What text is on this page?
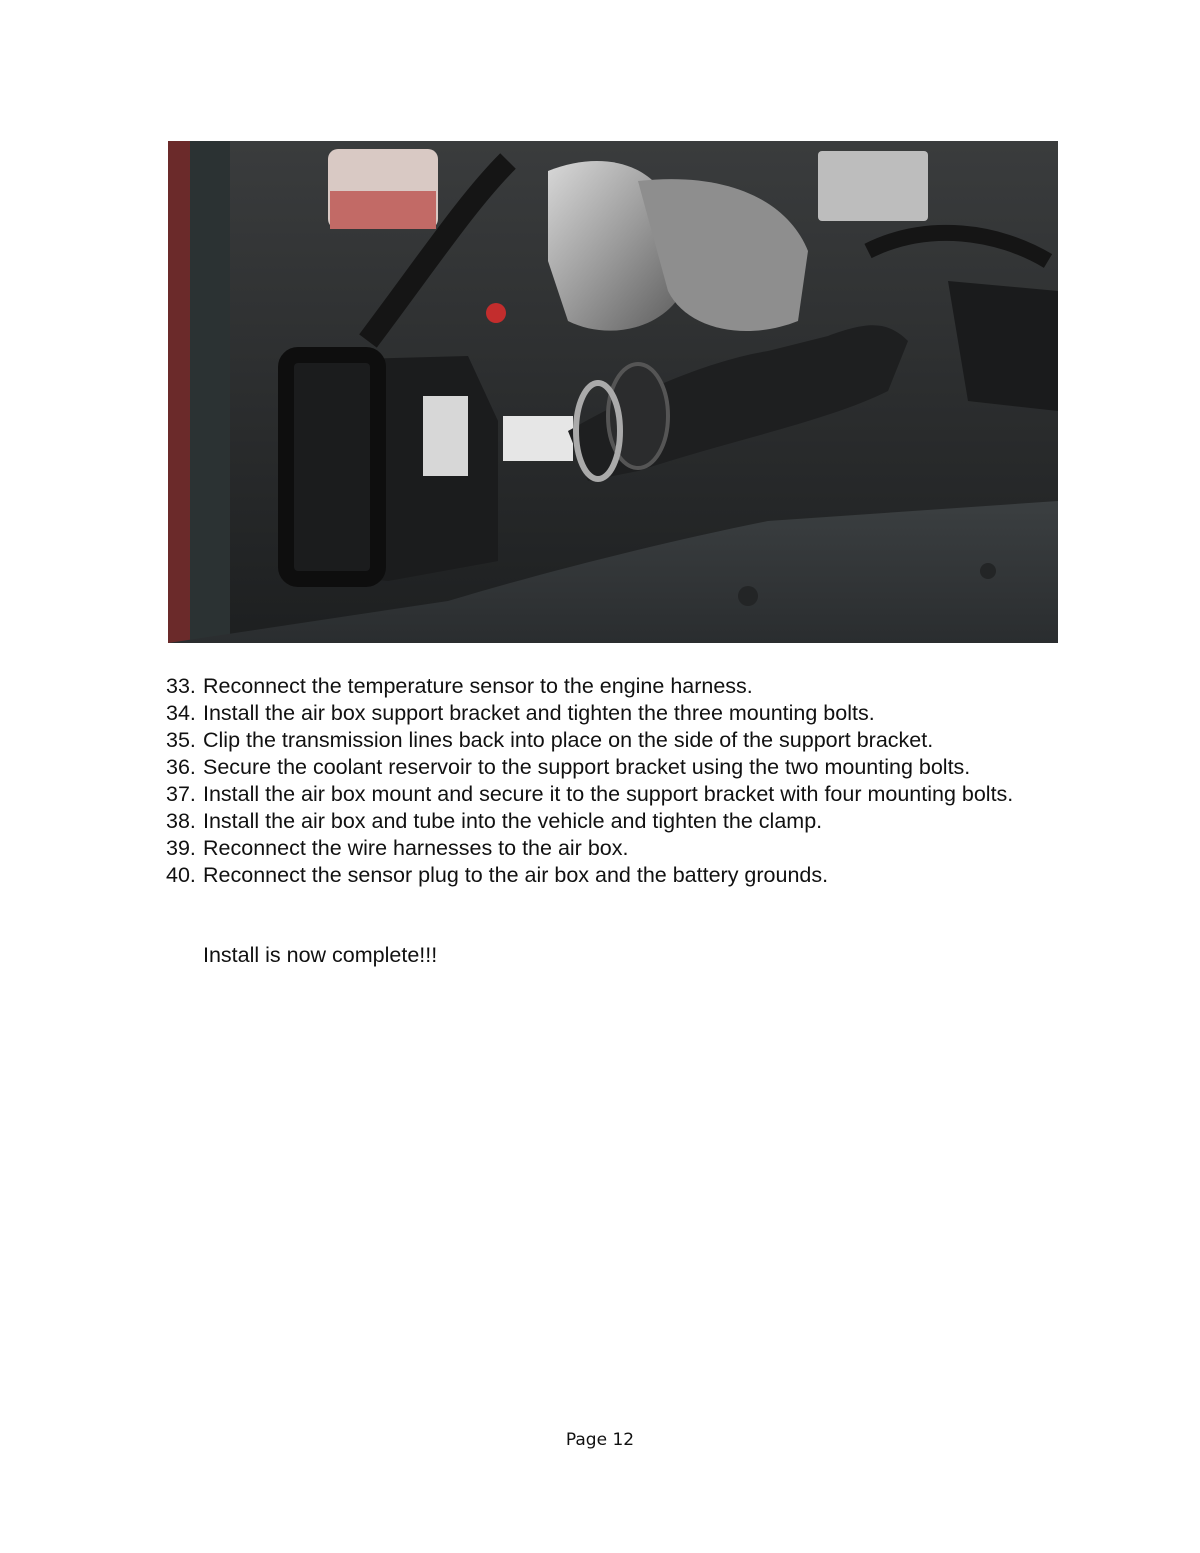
33. Reconnect the temperature sensor to the engine harness.
34. Install the air box support bracket and tighten the three mounting bolts.
35. Clip the transmission lines back into place on the side of the support bracket.
36. Secure the coolant reservoir to the support bracket using the two mounting bolts.
37. Install the air box mount and secure it to the support bracket with four mounting bolts.
38. Install the air box and tube into the vehicle and tighten the clamp.
39. Reconnect the wire harnesses to the air box.
40. Reconnect the sensor plug to the air box and the battery grounds.

Install is now complete!!!

Page 12
